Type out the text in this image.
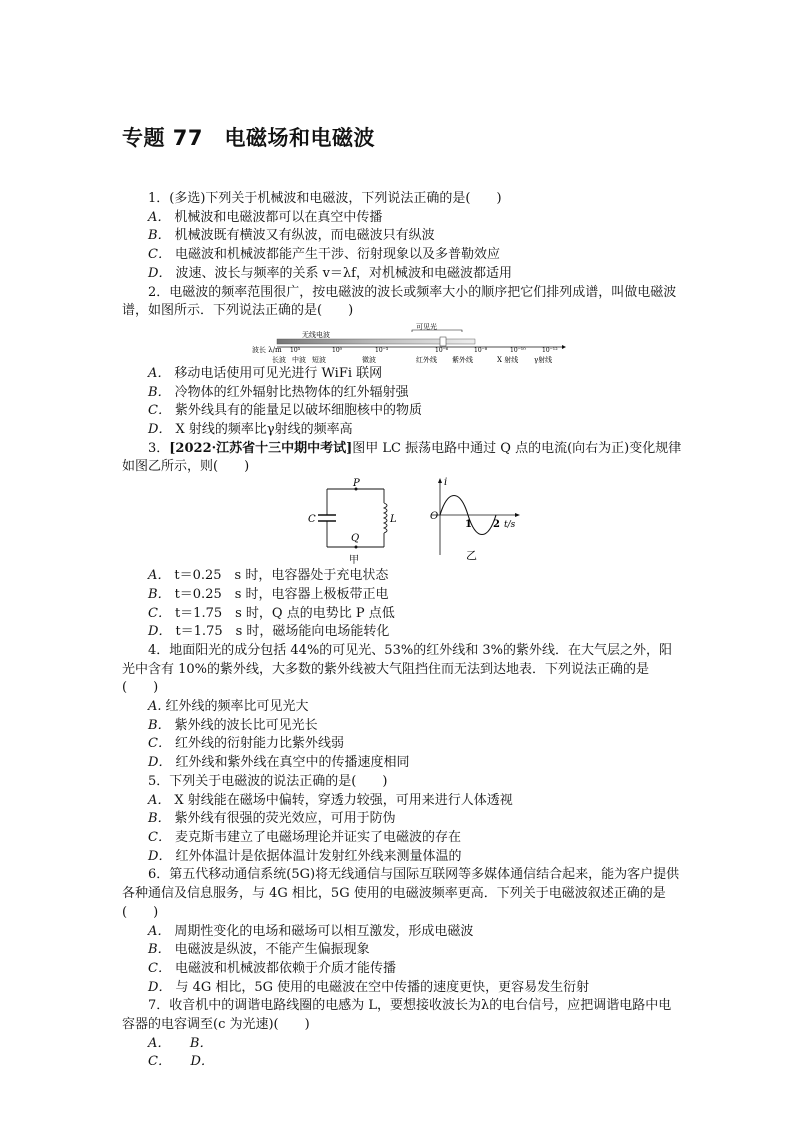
专题 77　电磁场和电磁波

1．(多选)下列关于机械波和电磁波，下列说法正确的是(　　)

A． 机械波和电磁波都可以在真空中传播

B． 机械波既有横波又有纵波，而电磁波只有纵波

C． 电磁波和机械波都能产生干涉、衍射现象以及多普勒效应

D． 波速、波长与频率的关系 v＝λf，对机械波和电磁波都适用

2．电磁波的频率范围很广，按电磁波的波长或频率大小的顺序把它们排列成谱，叫做电磁波谱，如图所示．下列说法正确的是(　　)

可见光
无线电波
波长 λ/m 10³	10⁰	10⁻³	10⁻⁶	10⁻⁸	10⁻¹⁰	10⁻¹²
长波 中波 短波	微波	红外线 紫外线	X 射线 γ射线

A． 移动电话使用可见光进行 WiFi 联网

B． 冷物体的红外辐射比热物体的红外辐射强

C． 紫外线具有的能量足以破坏细胞核中的物质

D． X 射线的频率比γ射线的频率高

3．[2022·江苏省十三中期中考试]图甲 LC 振荡电路中通过 Q 点的电流(向右为正)变化规律如图乙所示，则(　　)

P
Q
C	L
甲
i
O
1 2 t/s
乙

A． t＝0.25　s 时，电容器处于充电状态

B． t＝0.25　s 时，电容器上极板带正电

C． t＝1.75　s 时，Q 点的电势比 P 点低

D． t＝1.75　s 时，磁场能向电场能转化

4．地面阳光的成分包括 44%的可见光、53%的红外线和 3%的紫外线．在大气层之外，阳光中含有 10%的紫外线，大多数的紫外线被大气阻挡住而无法到达地表．下列说法正确的是(　　)

A. 红外线的频率比可见光大

B． 紫外线的波长比可见光长

C． 红外线的衍射能力比紫外线弱

D． 红外线和紫外线在真空中的传播速度相同

5．下列关于电磁波的说法正确的是(　　)

A． X 射线能在磁场中偏转，穿透力较强，可用来进行人体透视

B． 紫外线有很强的荧光效应，可用于防伪

C． 麦克斯韦建立了电磁场理论并证实了电磁波的存在

D． 红外体温计是依据体温计发射红外线来测量体温的

6．第五代移动通信系统(5G)将无线通信与国际互联网等多媒体通信结合起来，能为客户提供各种通信及信息服务，与 4G 相比，5G 使用的电磁波频率更高．下列关于电磁波叙述正确的是(　　)

A． 周期性变化的电场和磁场可以相互激发，形成电磁波

B． 电磁波是纵波，不能产生偏振现象

C． 电磁波和机械波都依赖于介质才能传播

D． 与 4G 相比，5G 使用的电磁波在空中传播的速度更快，更容易发生衍射

7．收音机中的调谐电路线圈的电感为 L，要想接收波长为λ的电台信号，应把调谐电路中电容器的电容调至(c 为光速)(　　)

A．　　B．

C．　　D．
